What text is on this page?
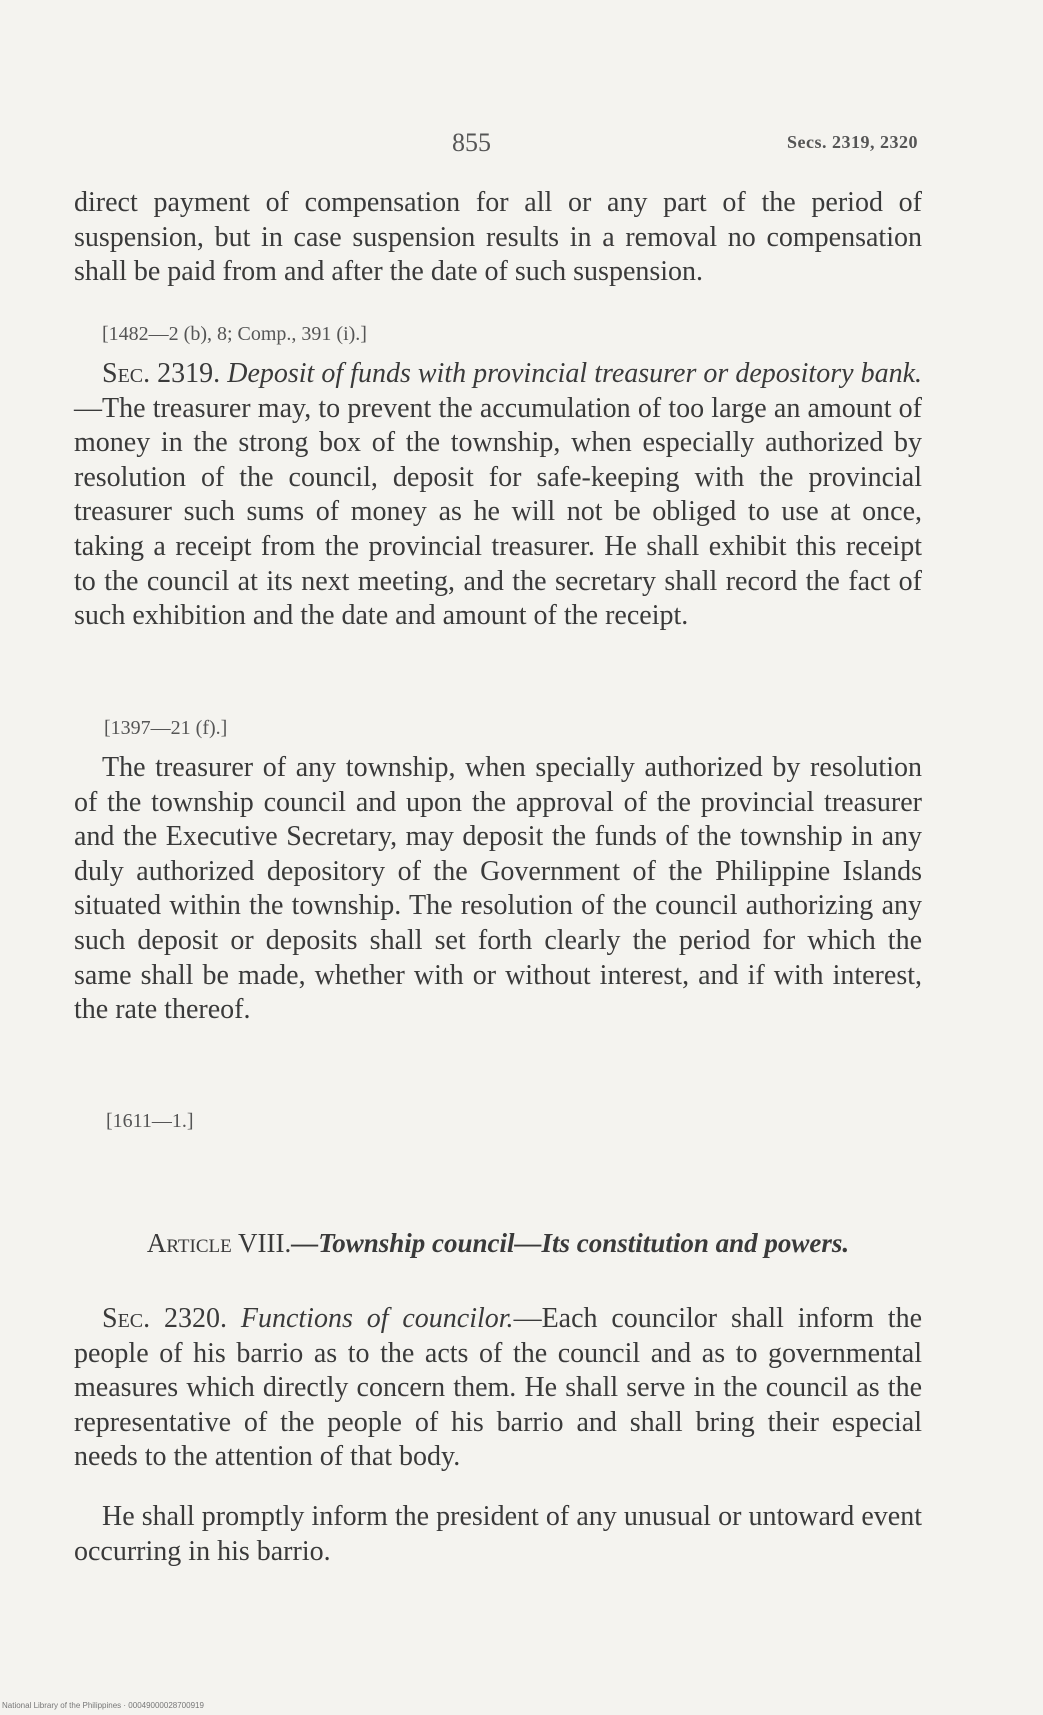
855	Secs. 2319, 2320

direct payment of compensation for all or any part of the period of suspension, but in case suspension results in a removal no compensation shall be paid from and after the date of such suspension.

[1482—2 (b), 8; Comp., 391 (i).]

Sec. 2319. Deposit of funds with provincial treasurer or depository bank.—The treasurer may, to prevent the accumulation of too large an amount of money in the strong box of the township, when especially authorized by resolution of the council, deposit for safe-keeping with the provincial treasurer such sums of money as he will not be obliged to use at once, taking a receipt from the provincial treasurer. He shall exhibit this receipt to the council at its next meeting, and the secretary shall record the fact of such exhibition and the date and amount of the receipt.

[1397—21 (f).]

The treasurer of any township, when specially authorized by resolution of the township council and upon the approval of the provincial treasurer and the Executive Secretary, may deposit the funds of the township in any duly authorized depository of the Government of the Philippine Islands situated within the township. The resolution of the council authorizing any such deposit or deposits shall set forth clearly the period for which the same shall be made, whether with or without interest, and if with interest, the rate thereof.

[1611—1.]
Article VIII.—Township council—Its constitution and powers.

Sec. 2320. Functions of councilor.—Each councilor shall inform the people of his barrio as to the acts of the council and as to governmental measures which directly concern them. He shall serve in the council as the representative of the people of his barrio and shall bring their especial needs to the attention of that body.

He shall promptly inform the president of any unusual or untoward event occurring in his barrio.

National Library of the Philippines · 00049000028700919
